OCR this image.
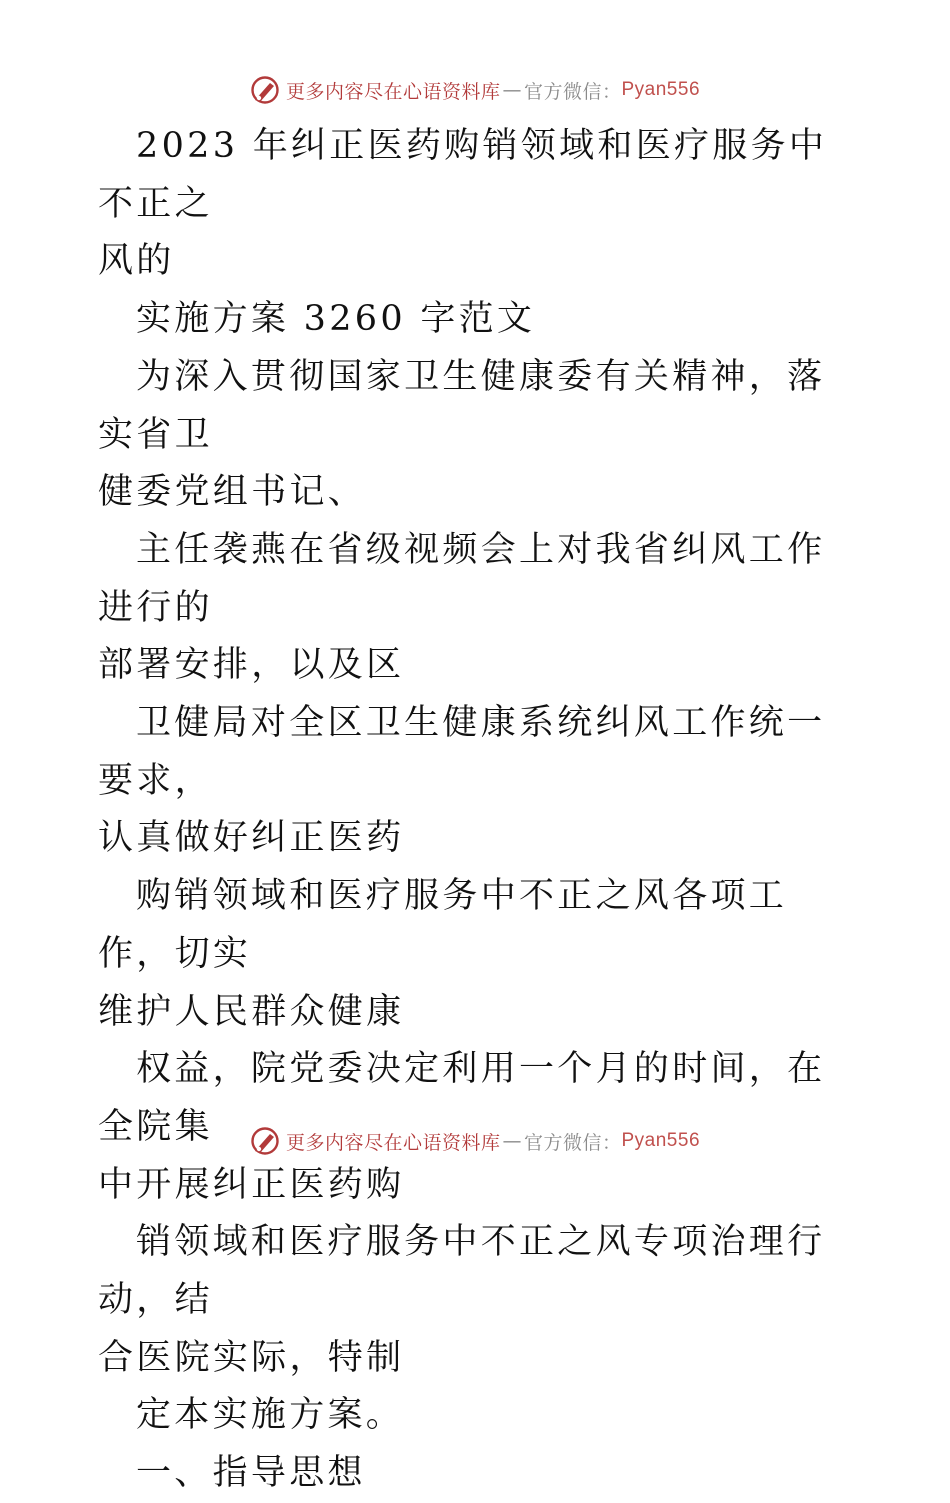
更多内容尽在心语资料库 — 官方微信： Pyan556

2023 年纠正医药购销领域和医疗服务中不正之

风的

实施方案 3260 字范文

为深入贯彻国家卫生健康委有关精神，落实省卫

健委党组书记、

主任袭燕在省级视频会上对我省纠风工作进行的

部署安排，以及区

卫健局对全区卫生健康系统纠风工作统一要求，

认真做好纠正医药

购销领域和医疗服务中不正之风各项工作，切实

维护人民群众健康

权益，院党委决定利用一个月的时间，在全院集

中开展纠正医药购

销领域和医疗服务中不正之风专项治理行动，结

合医院实际，特制

定本实施方案。

一、指导思想

更多内容尽在心语资料库 — 官方微信： Pyan556
